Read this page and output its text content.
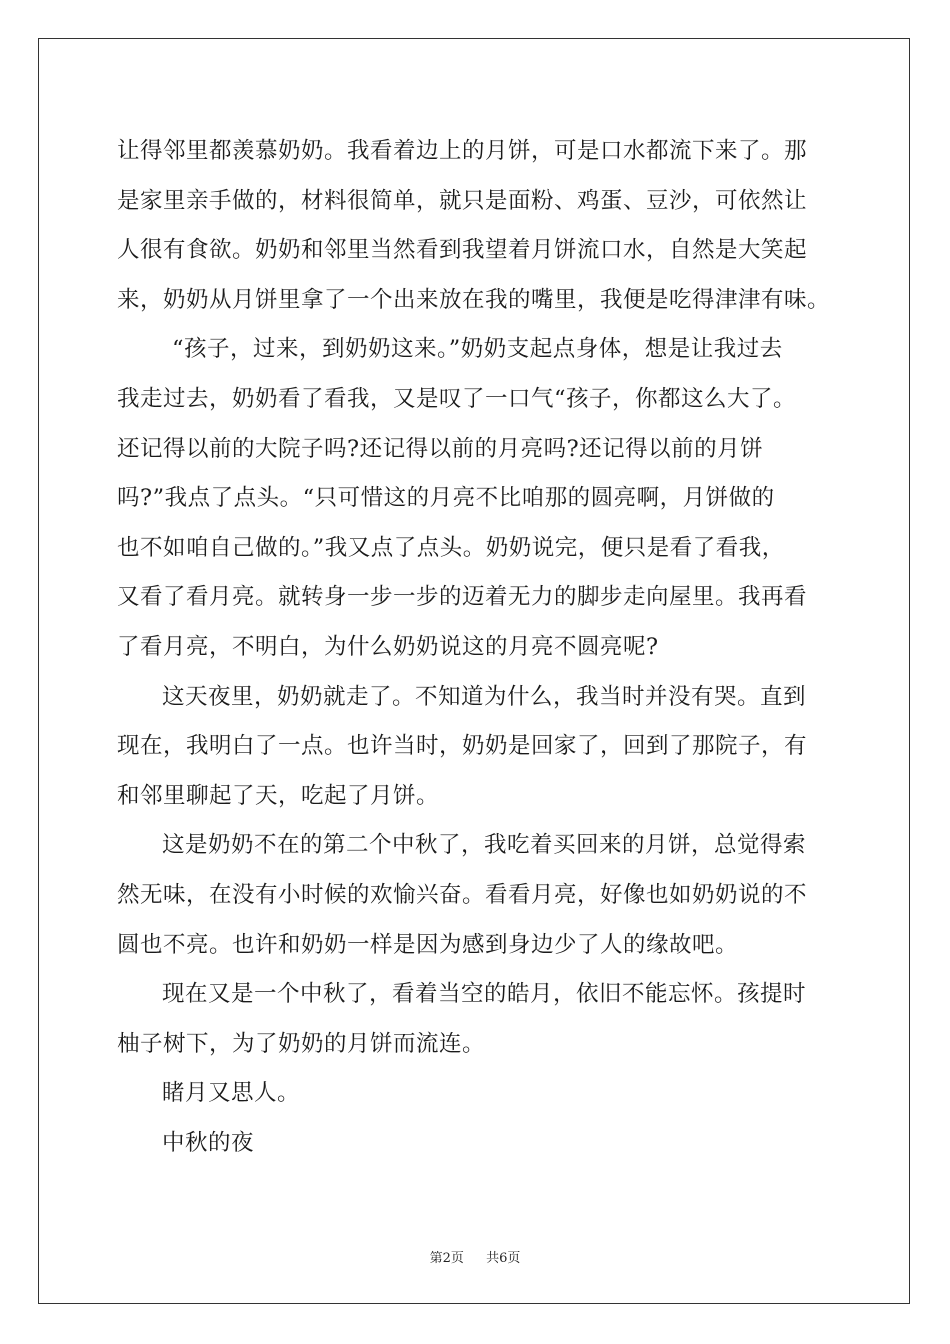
让得邻里都羡慕奶奶。我看着边上的月饼，可是口水都流下来了。那
是家里亲手做的，材料很简单，就只是面粉、鸡蛋、豆沙，可依然让
人很有食欲。奶奶和邻里当然看到我望着月饼流口水，自然是大笑起
来，奶奶从月饼里拿了一个出来放在我的嘴里，我便是吃得津津有味。
“孩子，过来，到奶奶这来。”奶奶支起点身体，想是让我过去
我走过去，奶奶看了看我，又是叹了一口气“孩子，你都这么大了。
还记得以前的大院子吗?还记得以前的月亮吗?还记得以前的月饼
吗?”我点了点头。“只可惜这的月亮不比咱那的圆亮啊，月饼做的
也不如咱自己做的。”我又点了点头。奶奶说完，便只是看了看我，
又看了看月亮。就转身一步一步的迈着无力的脚步走向屋里。我再看
了看月亮，不明白，为什么奶奶说这的月亮不圆亮呢?
这天夜里，奶奶就走了。不知道为什么，我当时并没有哭。直到
现在，我明白了一点。也许当时，奶奶是回家了，回到了那院子，有
和邻里聊起了天，吃起了月饼。
这是奶奶不在的第二个中秋了，我吃着买回来的月饼，总觉得索
然无味，在没有小时候的欢愉兴奋。看看月亮，好像也如奶奶说的不
圆也不亮。也许和奶奶一样是因为感到身边少了人的缘故吧。
现在又是一个中秋了，看着当空的皓月，依旧不能忘怀。孩提时
柚子树下，为了奶奶的月饼而流连。
睹月又思人。
中秋的夜
第2页 共6页
